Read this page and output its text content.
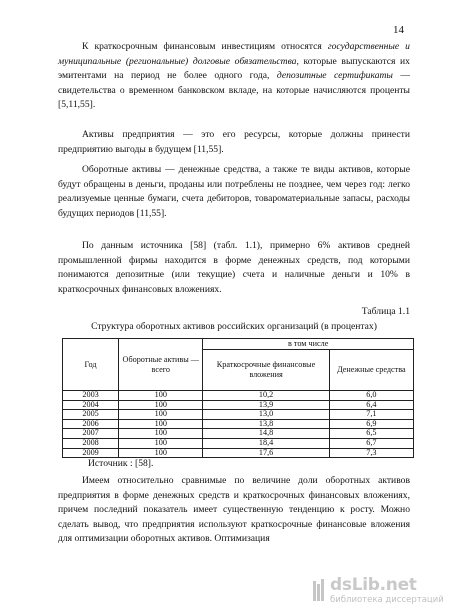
14

К краткосрочным финансовым инвестициям относятся государственные и муниципальные (региональные) долговые обязательства, которые выпускаются их эмитентами на период не более одного года, депозитные сертификаты — свидетельства о временном банковском вкладе, на которые начисляются проценты [5,11,55].

Активы предприятия — это его ресурсы, которые должны принести предприятию выгоды в будущем [11,55].

Оборотные активы — денежные средства, а также те виды активов, которые будут обращены в деньги, проданы или потреблены не позднее, чем через год: легко реализуемые ценные бумаги, счета дебиторов, товароматериальные запасы, расходы будущих периодов [11,55].

По данным источника [58] (табл. 1.1), примерно 6% активов средней промышленной фирмы находится в форме денежных средств, под которыми понимаются депозитные (или текущие) счета и наличные деньги и 10% в краткосрочных финансовых вложениях.

Таблица 1.1
Структура оборотных активов российских организаций (в процентах)
Год	Оборотные активы — всего	в том числе	
		Краткосрочные финансовые вложения	Денежные средства
2003	100	10,2	6,0
2004	100	13,9	6,4
2005	100	13,0	7,1
2006	100	13,8	6,9
2007	100	14,8	6,5
2008	100	18,4	6,7
2009	100	17,6	7,3
Источник : [58].

Имеем относительно сравнимые по величине доли оборотных активов предприятия в форме денежных средств и краткосрочных финансовых вложениях, причем последний показатель имеет существенную тенденцию к росту. Можно сделать вывод, что предприятия используют краткосрочные финансовые вложения для оптимизации оборотных активов. Оптимизация

dsLib.net
библиотека диссертаций
